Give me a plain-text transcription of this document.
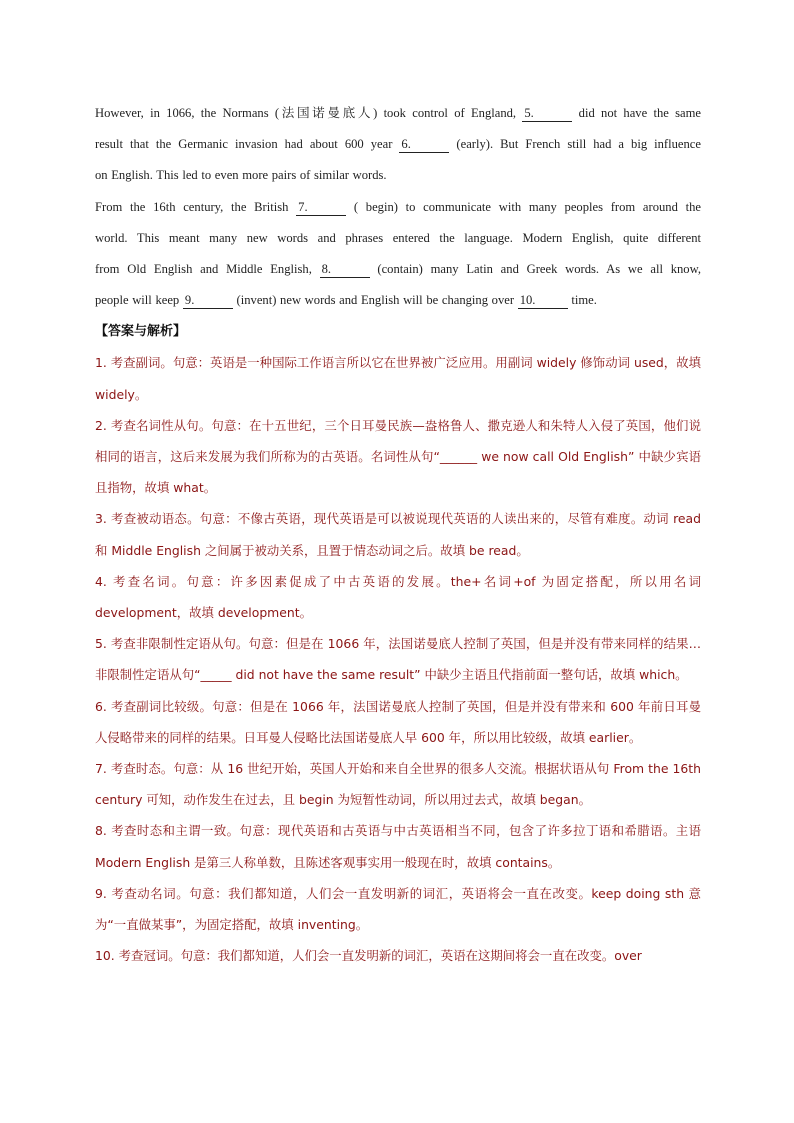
However, in 1066, the Normans (法国诺曼底人) took control of England, 5.	did not have the same

result that the Germanic invasion had about 600 year 6.	(early). But French still had a big influence

on English. This led to even more pairs of similar words.

From the 16th century, the British 7.	( begin) to communicate with many peoples from around the

world. This meant many new words and phrases entered the language. Modern English, quite different

from Old English and Middle English, 8.	(contain) many Latin and Greek words. As we all know,

people will keep 9.	(invent) new words and English will be changing over 10.	time.

【答案与解析】

1. 考查副词。句意：英语是一种国际工作语言所以它在世界被广泛应用。用副词 widely 修饰动词 used，故填 widely。

2. 考查名词性从句。句意：在十五世纪，三个日耳曼民族—盎格鲁人、撒克逊人和朱特人入侵了英国，他们说相同的语言，这后来发展为我们所称为的古英语。名词性从句“______ we now call Old English” 中缺少宾语且指物，故填 what。

3. 考查被动语态。句意：不像古英语，现代英语是可以被说现代英语的人读出来的，尽管有难度。动词 read 和 Middle English 之间属于被动关系，且置于情态动词之后。故填 be read。

4. 考查名词。句意：许多因素促成了中古英语的发展。the+名词+of 为固定搭配，所以用名词 development，故填 development。

5. 考查非限制性定语从句。句意：但是在 1066 年，法国诺曼底人控制了英国，但是并没有带来同样的结果…非限制性定语从句“_____ did not have the same result” 中缺少主语且代指前面一整句话，故填 which。

6. 考查副词比较级。句意：但是在 1066 年，法国诺曼底人控制了英国，但是并没有带来和 600 年前日耳曼人侵略带来的同样的结果。日耳曼人侵略比法国诺曼底人早 600 年，所以用比较级，故填 earlier。

7. 考查时态。句意：从 16 世纪开始，英国人开始和来自全世界的很多人交流。根据状语从句 From the 16th century 可知，动作发生在过去，且 begin 为短暂性动词，所以用过去式，故填 began。

8. 考查时态和主谓一致。句意：现代英语和古英语与中古英语相当不同，包含了许多拉丁语和希腊语。主语 Modern English 是第三人称单数，且陈述客观事实用一般现在时，故填 contains。

9. 考查动名词。句意：我们都知道，人们会一直发明新的词汇，英语将会一直在改变。keep doing sth 意为“一直做某事”，为固定搭配，故填 inventing。

10. 考查冠词。句意：我们都知道，人们会一直发明新的词汇，英语在这期间将会一直在改变。over
